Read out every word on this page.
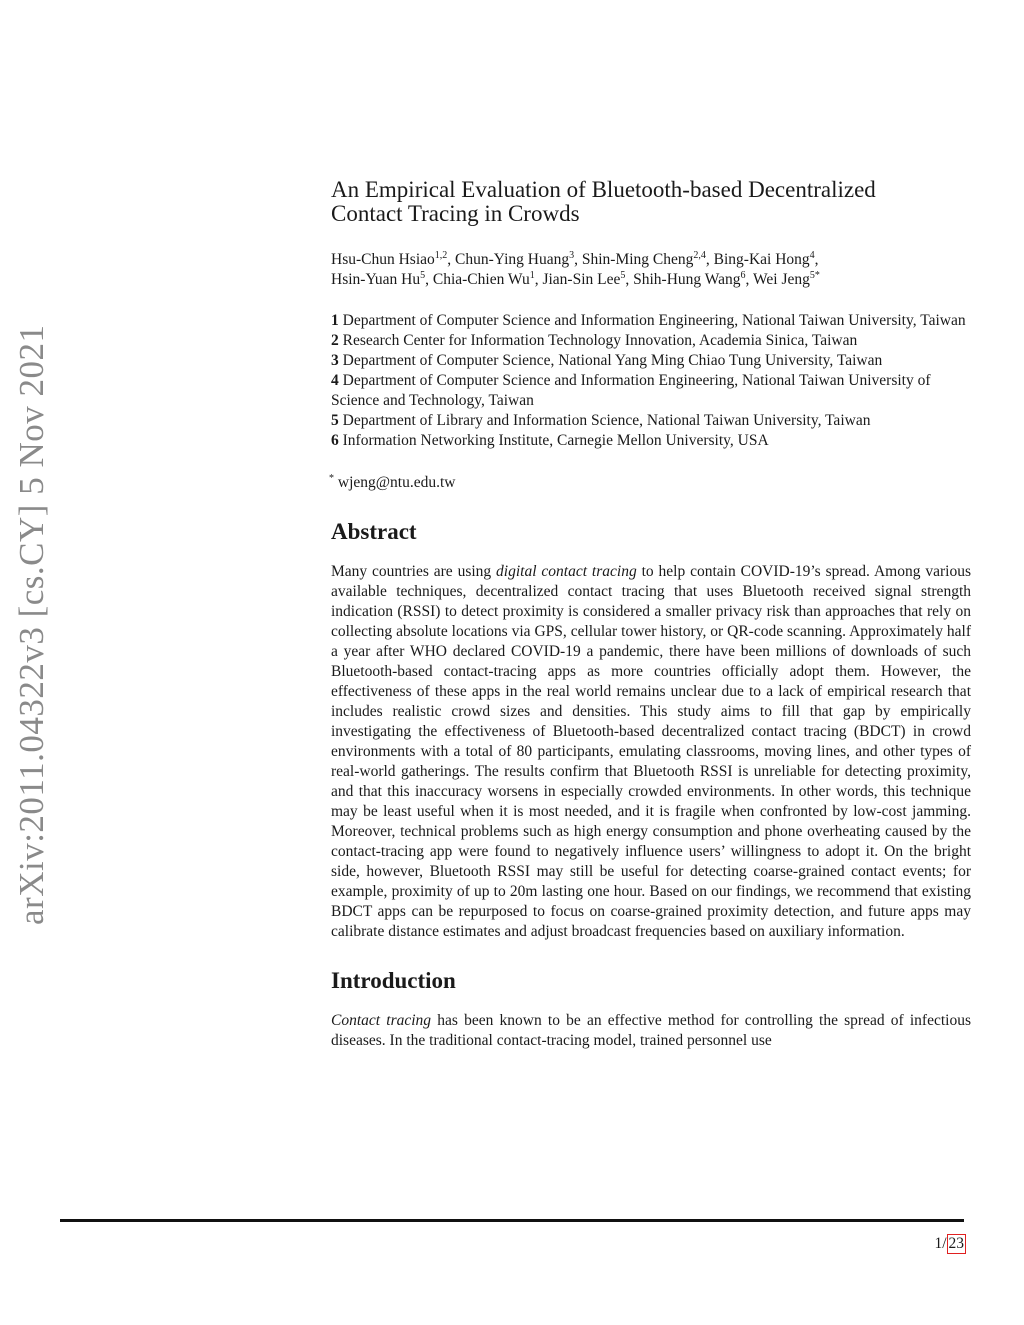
arXiv:2011.04322v3 [cs.CY] 5 Nov 2021
An Empirical Evaluation of Bluetooth-based Decentralized Contact Tracing in Crowds
Hsu-Chun Hsiao$^{1,2}$, Chun-Ying Huang$^3$, Shin-Ming Cheng$^{2,4}$, Bing-Kai Hong$^4$,
Hsin-Yuan Hu$^5$, Chia-Chien Wu$^1$, Jian-Sin Lee$^5$, Shih-Hung Wang$^6$, Wei Jeng$^{5*}$
1 Department of Computer Science and Information Engineering, National Taiwan University, Taiwan
2 Research Center for Information Technology Innovation, Academia Sinica, Taiwan
3 Department of Computer Science, National Yang Ming Chiao Tung University, Taiwan
4 Department of Computer Science and Information Engineering, National Taiwan University of Science and Technology, Taiwan
5 Department of Library and Information Science, National Taiwan University, Taiwan
6 Information Networking Institute, Carnegie Mellon University, USA
* wjeng@ntu.edu.tw
Abstract

Many countries are using digital contact tracing to help contain COVID-19’s spread. Among various available techniques, decentralized contact tracing that uses Bluetooth received signal strength indication (RSSI) to detect proximity is considered a smaller privacy risk than approaches that rely on collecting absolute locations via GPS, cellular tower history, or QR-code scanning. Approximately half a year after WHO declared COVID-19 a pandemic, there have been millions of downloads of such Bluetooth-based contact-tracing apps as more countries officially adopt them. However, the effectiveness of these apps in the real world remains unclear due to a lack of empirical research that includes realistic crowd sizes and densities. This study aims to fill that gap by empirically investigating the effectiveness of Bluetooth-based decentralized contact tracing (BDCT) in crowd environments with a total of 80 participants, emulating classrooms, moving lines, and other types of real-world gatherings. The results confirm that Bluetooth RSSI is unreliable for detecting proximity, and that this inaccuracy worsens in especially crowded environments. In other words, this technique may be least useful when it is most needed, and it is fragile when confronted by low-cost jamming. Moreover, technical problems such as high energy consumption and phone overheating caused by the contact-tracing app were found to negatively influence users’ willingness to adopt it. On the bright side, however, Bluetooth RSSI may still be useful for detecting coarse-grained contact events; for example, proximity of up to 20m lasting one hour. Based on our findings, we recommend that existing BDCT apps can be repurposed to focus on coarse-grained proximity detection, and future apps may calibrate distance estimates and adjust broadcast frequencies based on auxiliary information.

Introduction

Contact tracing has been known to be an effective method for controlling the spread of infectious diseases. In the traditional contact-tracing model, trained personnel use

1/ 23
